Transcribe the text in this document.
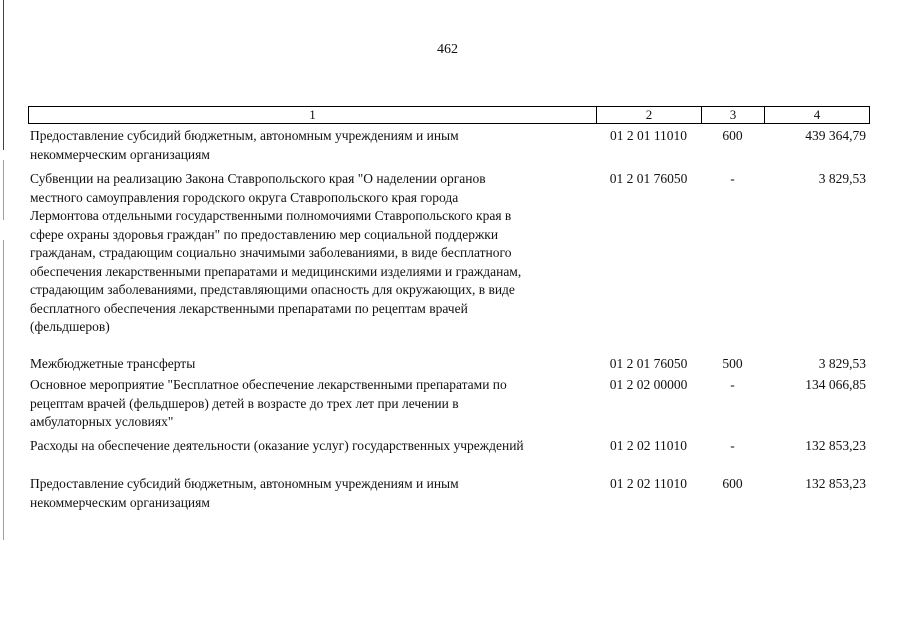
462
1	2	3	4
Предоставление субсидий бюджетным, автономным учреждениям и иным
некоммерческим организациям
01 2 01 11010	600	439 364,79
Субвенции на реализацию Закона Ставропольского края "О наделении органов
местного самоуправления городского округа Ставропольского края города
Лермонтова отдельными государственными полномочиями Ставропольского края в
сфере охраны здоровья граждан" по предоставлению мер социальной поддержки
гражданам, страдающим социально значимыми заболеваниями, в виде бесплатного
обеспечения лекарственными препаратами и медицинскими изделиями и гражданам,
страдающим заболеваниями, представляющими опасность для окружающих, в виде
бесплатного обеспечения лекарственными препаратами по рецептам врачей
(фельдшеров)
01 2 01 76050	-	3 829,53
Межбюджетные трансферты	01 2 01 76050	500	3 829,53
Основное мероприятие "Бесплатное обеспечение лекарственными препаратами по
рецептам врачей (фельдшеров) детей в возрасте до трех лет при лечении в
амбулаторных условиях"
01 2 02 00000	-	134 066,85
Расходы на обеспечение деятельности (оказание услуг) государственных учреждений	01 2 02 11010	-	132 853,23
Предоставление субсидий бюджетным, автономным учреждениям и иным
некоммерческим организациям
01 2 02 11010	600	132 853,23
